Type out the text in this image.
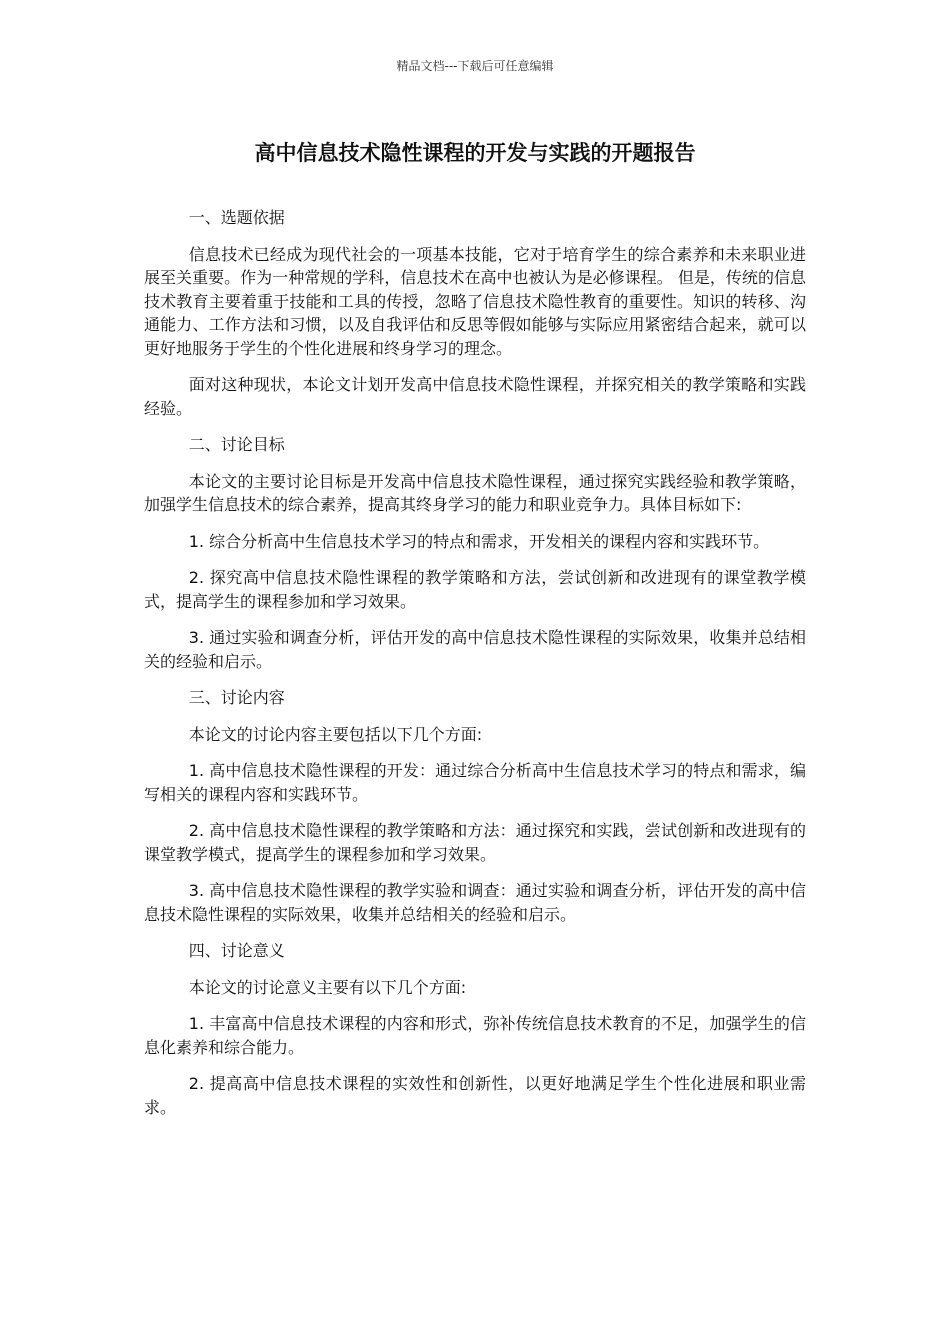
精品文档---下载后可任意编辑
高中信息技术隐性课程的开发与实践的开题报告

一、选题依据

信息技术已经成为现代社会的一项基本技能，它对于培育学生的综合素养和未来职业进展至关重要。作为一种常规的学科，信息技术在高中也被认为是必修课程。 但是，传统的信息技术教育主要着重于技能和工具的传授，忽略了信息技术隐性教育的重要性。知识的转移、沟通能力、工作方法和习惯，以及自我评估和反思等假如能够与实际应用紧密结合起来，就可以更好地服务于学生的个性化进展和终身学习的理念。

面对这种现状，本论文计划开发高中信息技术隐性课程，并探究相关的教学策略和实践经验。

二、讨论目标

本论文的主要讨论目标是开发高中信息技术隐性课程，通过探究实践经验和教学策略，加强学生信息技术的综合素养，提高其终身学习的能力和职业竞争力。具体目标如下:

1. 综合分析高中生信息技术学习的特点和需求，开发相关的课程内容和实践环节。

2. 探究高中信息技术隐性课程的教学策略和方法，尝试创新和改进现有的课堂教学模式，提高学生的课程参加和学习效果。

3. 通过实验和调查分析，评估开发的高中信息技术隐性课程的实际效果，收集并总结相关的经验和启示。

三、讨论内容

本论文的讨论内容主要包括以下几个方面:

1. 高中信息技术隐性课程的开发：通过综合分析高中生信息技术学习的特点和需求，编写相关的课程内容和实践环节。

2. 高中信息技术隐性课程的教学策略和方法：通过探究和实践，尝试创新和改进现有的课堂教学模式，提高学生的课程参加和学习效果。

3. 高中信息技术隐性课程的教学实验和调查：通过实验和调查分析，评估开发的高中信息技术隐性课程的实际效果，收集并总结相关的经验和启示。

四、讨论意义

本论文的讨论意义主要有以下几个方面:

1. 丰富高中信息技术课程的内容和形式，弥补传统信息技术教育的不足，加强学生的信息化素养和综合能力。

2. 提高高中信息技术课程的实效性和创新性，以更好地满足学生个性化进展和职业需求。
